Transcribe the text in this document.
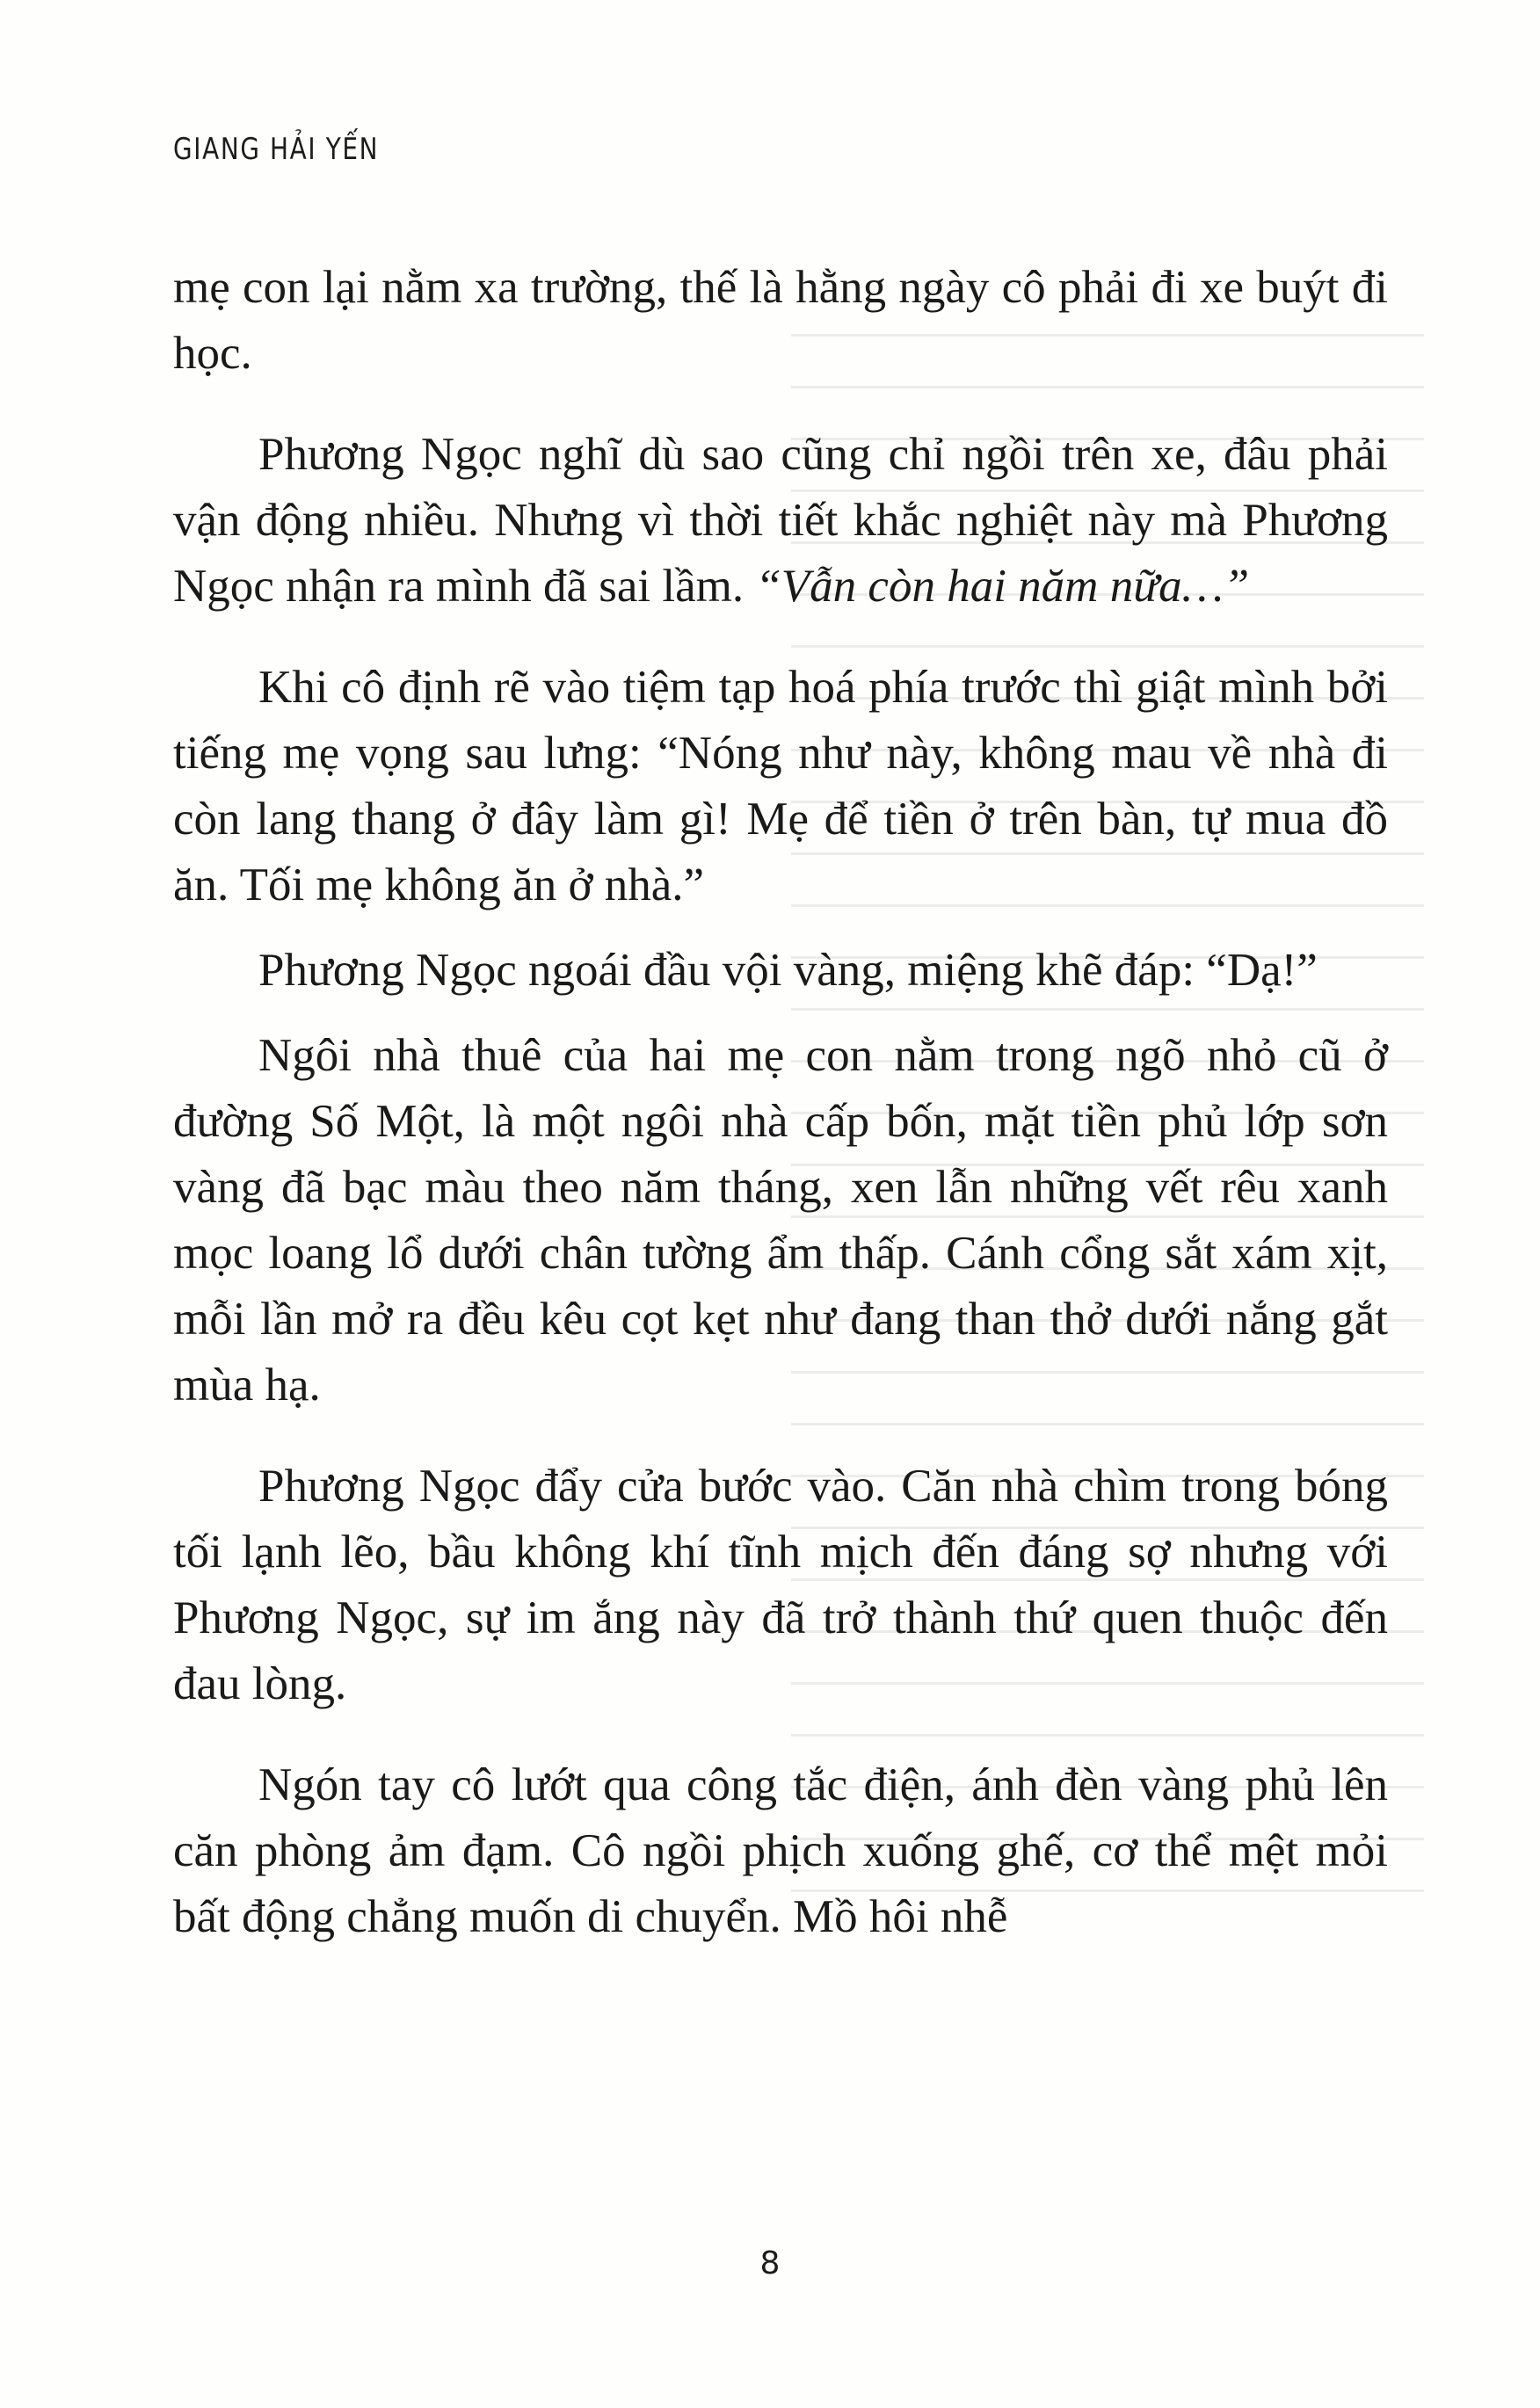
GIANG HẢI YẾN

mẹ con lại nằm xa trường, thế là hằng ngày cô phải đi xe buýt đi học.

Phương Ngọc nghĩ dù sao cũng chỉ ngồi trên xe, đâu phải vận động nhiều. Nhưng vì thời tiết khắc nghiệt này mà Phương Ngọc nhận ra mình đã sai lầm. “Vẫn còn hai năm nữa…”

Khi cô định rẽ vào tiệm tạp hoá phía trước thì giật mình bởi tiếng mẹ vọng sau lưng: “Nóng như này, không mau về nhà đi còn lang thang ở đây làm gì! Mẹ để tiền ở trên bàn, tự mua đồ ăn. Tối mẹ không ăn ở nhà.”

Phương Ngọc ngoái đầu vội vàng, miệng khẽ đáp: “Dạ!”

Ngôi nhà thuê của hai mẹ con nằm trong ngõ nhỏ cũ ở đường Số Một, là một ngôi nhà cấp bốn, mặt tiền phủ lớp sơn vàng đã bạc màu theo năm tháng, xen lẫn những vết rêu xanh mọc loang lổ dưới chân tường ẩm thấp. Cánh cổng sắt xám xịt, mỗi lần mở ra đều kêu cọt kẹt như đang than thở dưới nắng gắt mùa hạ.

Phương Ngọc đẩy cửa bước vào. Căn nhà chìm trong bóng tối lạnh lẽo, bầu không khí tĩnh mịch đến đáng sợ nhưng với Phương Ngọc, sự im ắng này đã trở thành thứ quen thuộc đến đau lòng.

Ngón tay cô lướt qua công tắc điện, ánh đèn vàng phủ lên căn phòng ảm đạm. Cô ngồi phịch xuống ghế, cơ thể mệt mỏi bất động chẳng muốn di chuyển. Mồ hôi nhễ

8
